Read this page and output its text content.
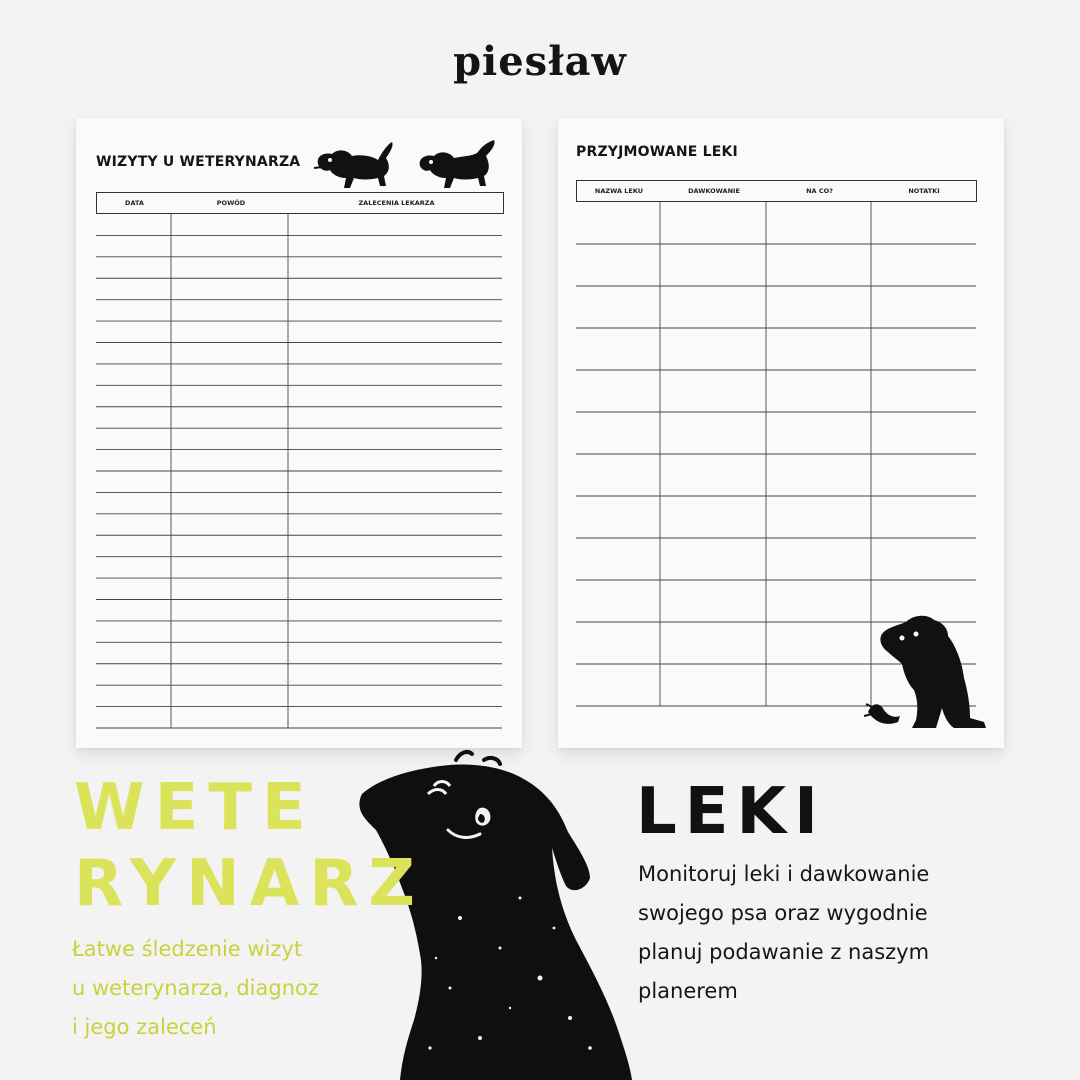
piesław
WIZYTY U WETERYNARZA
DATA	POWÓD	ZALECENIA LEKARZA
PRZYJMOWANE LEKI
NAZWA LEKU	DAWKOWANIE	NA CO?	NOTATKI
WETE
RYNARZ
Łatwe śledzenie wizyt
u weterynarza, diagnoz
i jego zaleceń
LEKI
Monitoruj leki i dawkowanie
swojego psa oraz wygodnie
planuj podawanie z naszym
planerem
